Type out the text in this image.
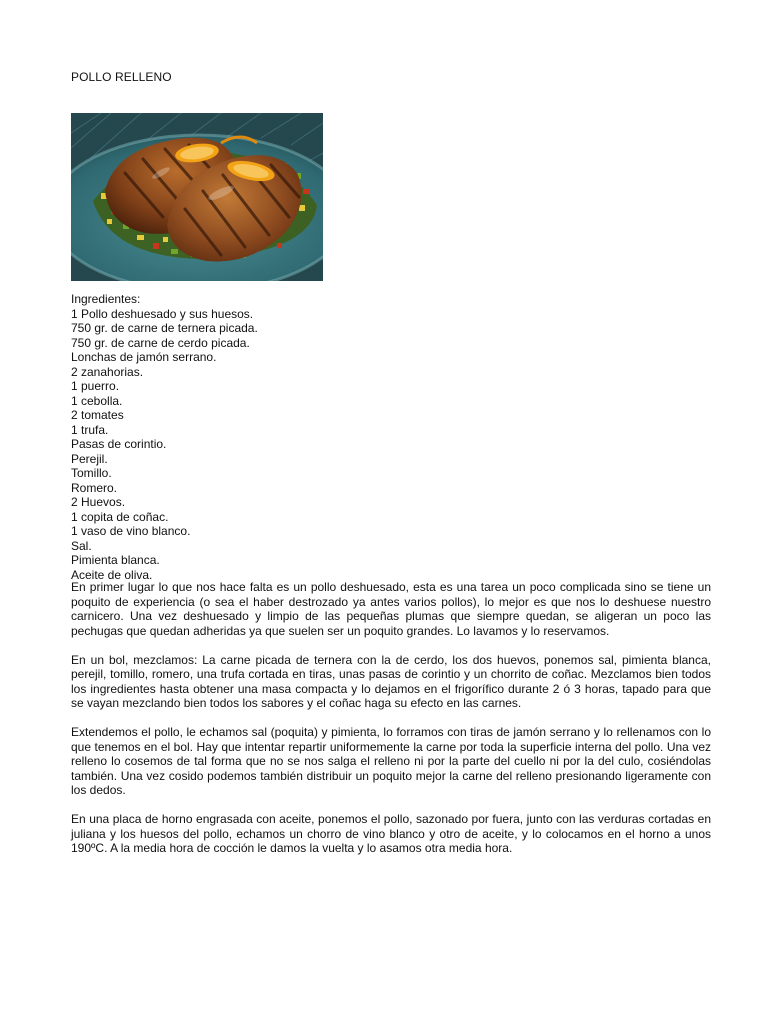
POLLO RELLENO
Ingredientes:
1 Pollo deshuesado y sus huesos.
750 gr. de carne de ternera picada.
750 gr. de carne de cerdo picada.
Lonchas de jamón serrano.
2 zanahorias.
1 puerro.
1 cebolla.
2 tomates
1 trufa.
Pasas de corintio.
Perejil.
Tomillo.
Romero.
2 Huevos.
1 copita de coñac.
1 vaso de vino blanco.
Sal.
Pimienta blanca.
Aceite de oliva.

En primer lugar lo que nos hace falta es un pollo deshuesado, esta es una tarea un poco complicada sino se tiene un poquito de experiencia (o sea el haber destrozado ya antes varios pollos), lo mejor es que nos lo deshuese nuestro carnicero. Una vez deshuesado y limpio de las pequeñas plumas que siempre quedan, se aligeran un poco las pechugas que quedan adheridas ya que suelen ser un poquito grandes. Lo lavamos y lo reservamos.

En un bol, mezclamos: La carne picada de ternera con la de cerdo, los dos huevos, ponemos sal, pimienta blanca, perejil, tomillo, romero, una trufa cortada en tiras, unas pasas de corintio y un chorrito de coñac. Mezclamos bien todos los ingredientes hasta obtener una masa compacta y lo dejamos en el frigorífico durante 2 ó 3 horas, tapado para que se vayan mezclando bien todos los sabores y el coñac haga su efecto en las carnes.

Extendemos el pollo, le echamos sal (poquita) y pimienta, lo forramos con tiras de jamón serrano y lo rellenamos con lo que tenemos en el bol. Hay que intentar repartir uniformemente la carne por toda la superficie interna del pollo. Una vez relleno lo cosemos de tal forma que no se nos salga el relleno ni por la parte del cuello ni por la del culo, cosiéndolas también. Una vez cosido podemos también distribuir un poquito mejor la carne del relleno presionando ligeramente con los dedos.

En una placa de horno engrasada con aceite, ponemos el pollo, sazonado por fuera, junto con las verduras cortadas en juliana y los huesos del pollo, echamos un chorro de vino blanco y otro de aceite, y lo colocamos en el horno a unos 190ºC. A la media hora de cocción le damos la vuelta y lo asamos otra media hora.
